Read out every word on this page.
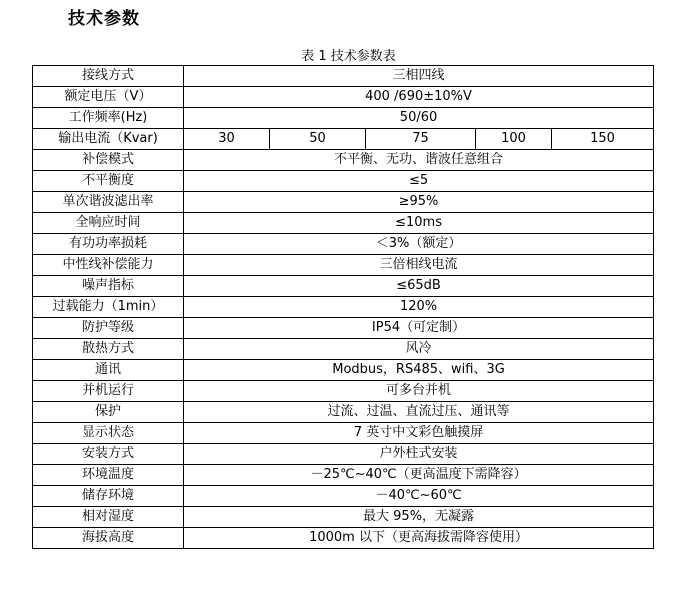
技术参数
表 1 技术参数表
接线方式	三相四线				
额定电压（V）	400 /690±10%V				
工作频率(Hz)	50/60				
输出电流（Kvar)	30	50	75	100	150
补偿模式	不平衡、无功、谐波任意组合				
不平衡度	≤5				
单次谐波滤出率	≥95%				
全响应时间	≤10ms				
有功功率损耗	＜3%（额定）				
中性线补偿能力	三倍相线电流				
噪声指标	≤65dB				
过载能力（1min）	120%				
防护等级	IP54（可定制）				
散热方式	风冷				
通讯	Modbus，RS485、wifi、3G				
并机运行	可多台并机				
保护	过流、过温、直流过压、通讯等				
显示状态	7 英寸中文彩色触摸屏				
安装方式	户外柱式安装				
环境温度	－25℃~40℃（更高温度下需降容）				
储存环境	－40℃~60℃				
相对湿度	最大 95%，无凝露				
海拔高度	1000m 以下（更高海拔需降容使用）				
